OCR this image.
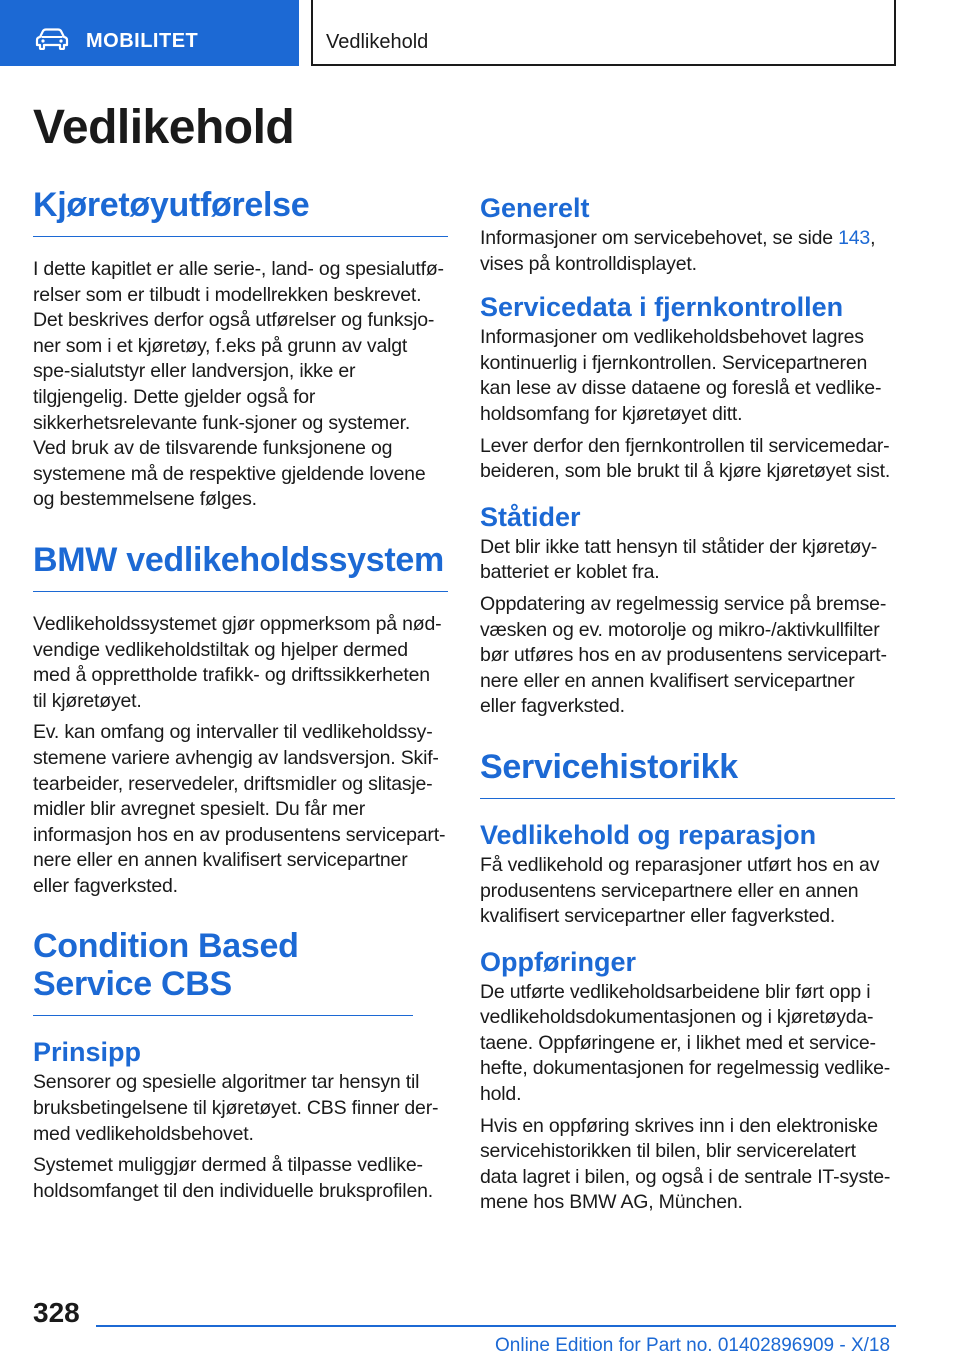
MOBILITET	Vedlikehold
Vedlikehold
Kjøretøyutførelse

I dette kapitlet er alle serie-, land- og spesialutfø-relser som er tilbudt i modellrekken beskrevet. Det beskrives derfor også utførelser og funksjo-ner som i et kjøretøy, f.eks på grunn av valgt spe-sialutstyr eller landversjon, ikke er tilgjengelig. Dette gjelder også for sikkerhetsrelevante funk-sjoner og systemer. Ved bruk av de tilsvarende funksjonene og systemene må de respektive gjeldende lovene og bestemmelsene følges.

BMW vedlikeholdssystem

Vedlikeholdssystemet gjør oppmerksom på nød-vendige vedlikeholdstiltak og hjelper dermed med å opprettholde trafikk- og driftssikkerheten til kjøretøyet.

Ev. kan omfang og intervaller til vedlikeholdssy-stemene variere avhengig av landsversjon. Skif-tearbeider, reservedeler, driftsmidler og slitasje-midler blir avregnet spesielt. Du får mer informasjon hos en av produsentens servicepart-nere eller en annen kvalifisert servicepartner eller fagverksted.

Condition Based Service CBS
Prinsipp

Sensorer og spesielle algoritmer tar hensyn til bruksbetingelsene til kjøretøyet. CBS finner der-med vedlikeholdsbehovet.

Systemet muliggjør dermed å tilpasse vedlike-holdsomfanget til den individuelle bruksprofilen.

Generelt

Informasjoner om servicebehovet, se side 143, vises på kontrolldisplayet.

Servicedata i fjernkontrollen

Informasjoner om vedlikeholdsbehovet lagres kontinuerlig i fjernkontrollen. Servicepartneren kan lese av disse dataene og foreslå et vedlike-holdsomfang for kjøretøyet ditt.

Lever derfor den fjernkontrollen til servicemedar-beideren, som ble brukt til å kjøre kjøretøyet sist.

Ståtider

Det blir ikke tatt hensyn til ståtider der kjøretøy-batteriet er koblet fra.

Oppdatering av regelmessig service på bremse-væsken og ev. motorolje og mikro-/aktivkullfilter bør utføres hos en av produsentens servicepart-nere eller en annen kvalifisert servicepartner eller fagverksted.

Servicehistorikk
Vedlikehold og reparasjon

Få vedlikehold og reparasjoner utført hos en av produsentens servicepartnere eller en annen kvalifisert servicepartner eller fagverksted.

Oppføringer

De utførte vedlikeholdsarbeidene blir ført opp i vedlikeholdsdokumentasjonen og i kjøretøyda-taene. Oppføringene er, i likhet med et service-hefte, dokumentasjonen for regelmessig vedlike-hold.

Hvis en oppføring skrives inn i den elektroniske servicehistorikken til bilen, blir servicerelatert data lagret i bilen, og også i de sentrale IT-syste-mene hos BMW AG, München.

328
Online Edition for Part no. 01402896909 - X/18
